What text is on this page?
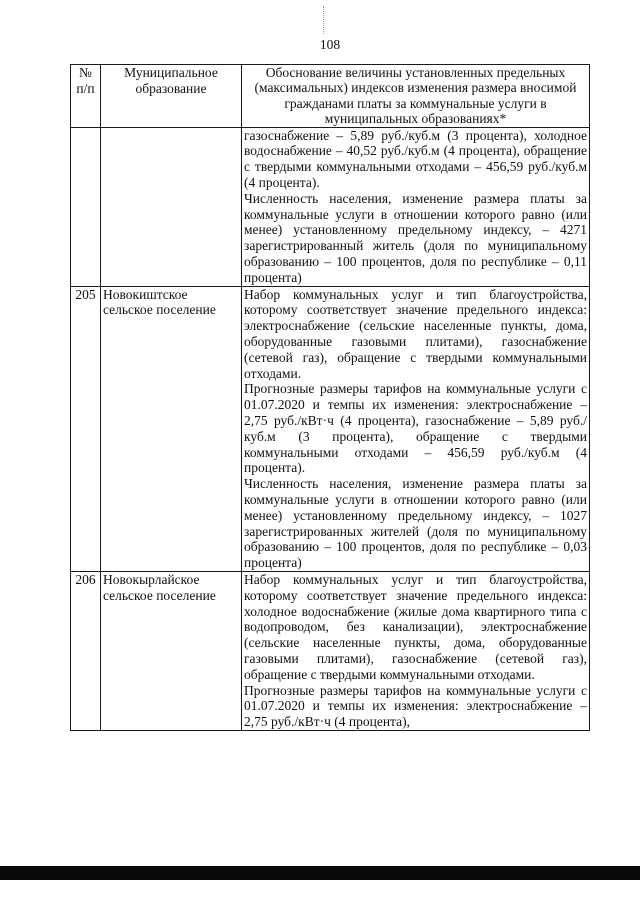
108
№ п/п	Муниципальное образование	Обоснование величины установленных предельных (максимальных) индексов изменения размера вносимой гражданами платы за коммунальные услуги в муниципальных образованиях*

		газоснабжение – 5,89 руб./куб.м (3 процента), холодное водоснабжение – 40,52 руб./куб.м (4 процента), обращение с твердыми коммунальными отходами – 456,59 руб./куб.м (4 процента).

Численность населения, изменение размера платы за коммунальные услуги в отношении которого равно (или менее) установленному предельному индексу, – 4271 зарегистрированный житель (доля по муниципальному образованию – 100 процентов, доля по республике – 0,11 процента)

205	Новокиштское сельское поселение	Набор коммунальных услуг и тип благоустройства, которому соответствует значение предельного индекса: электроснабжение (сельские населенные пункты, дома, оборудованные газовыми плитами), газоснабжение (сетевой газ), обращение с твердыми коммунальными отходами.

Прогнозные размеры тарифов на коммунальные услуги с 01.07.2020 и темпы их изменения: электроснабжение – 2,75 руб./кВт·ч (4 процента), газоснабжение – 5,89 руб./куб.м (3 процента), обращение с твердыми коммунальными отходами – 456,59 руб./куб.м (4 процента).

Численность населения, изменение размера платы за коммунальные услуги в отношении которого равно (или менее) установленному предельному индексу, – 1027 зарегистрированных жителей (доля по муниципальному образованию – 100 процентов, доля по республике – 0,03 процента)

206	Новокырлайское сельское поселение	Набор коммунальных услуг и тип благоустройства, которому соответствует значение предельного индекса: холодное водоснабжение (жилые дома квартирного типа с водопроводом, без канализации), электроснабжение (сельские населенные пункты, дома, оборудованные газовыми плитами), газоснабжение (сетевой газ), обращение с твердыми коммунальными отходами.

Прогнозные размеры тарифов на коммунальные услуги с 01.07.2020 и темпы их изменения: электроснабжение – 2,75 руб./кВт·ч (4 процента),
